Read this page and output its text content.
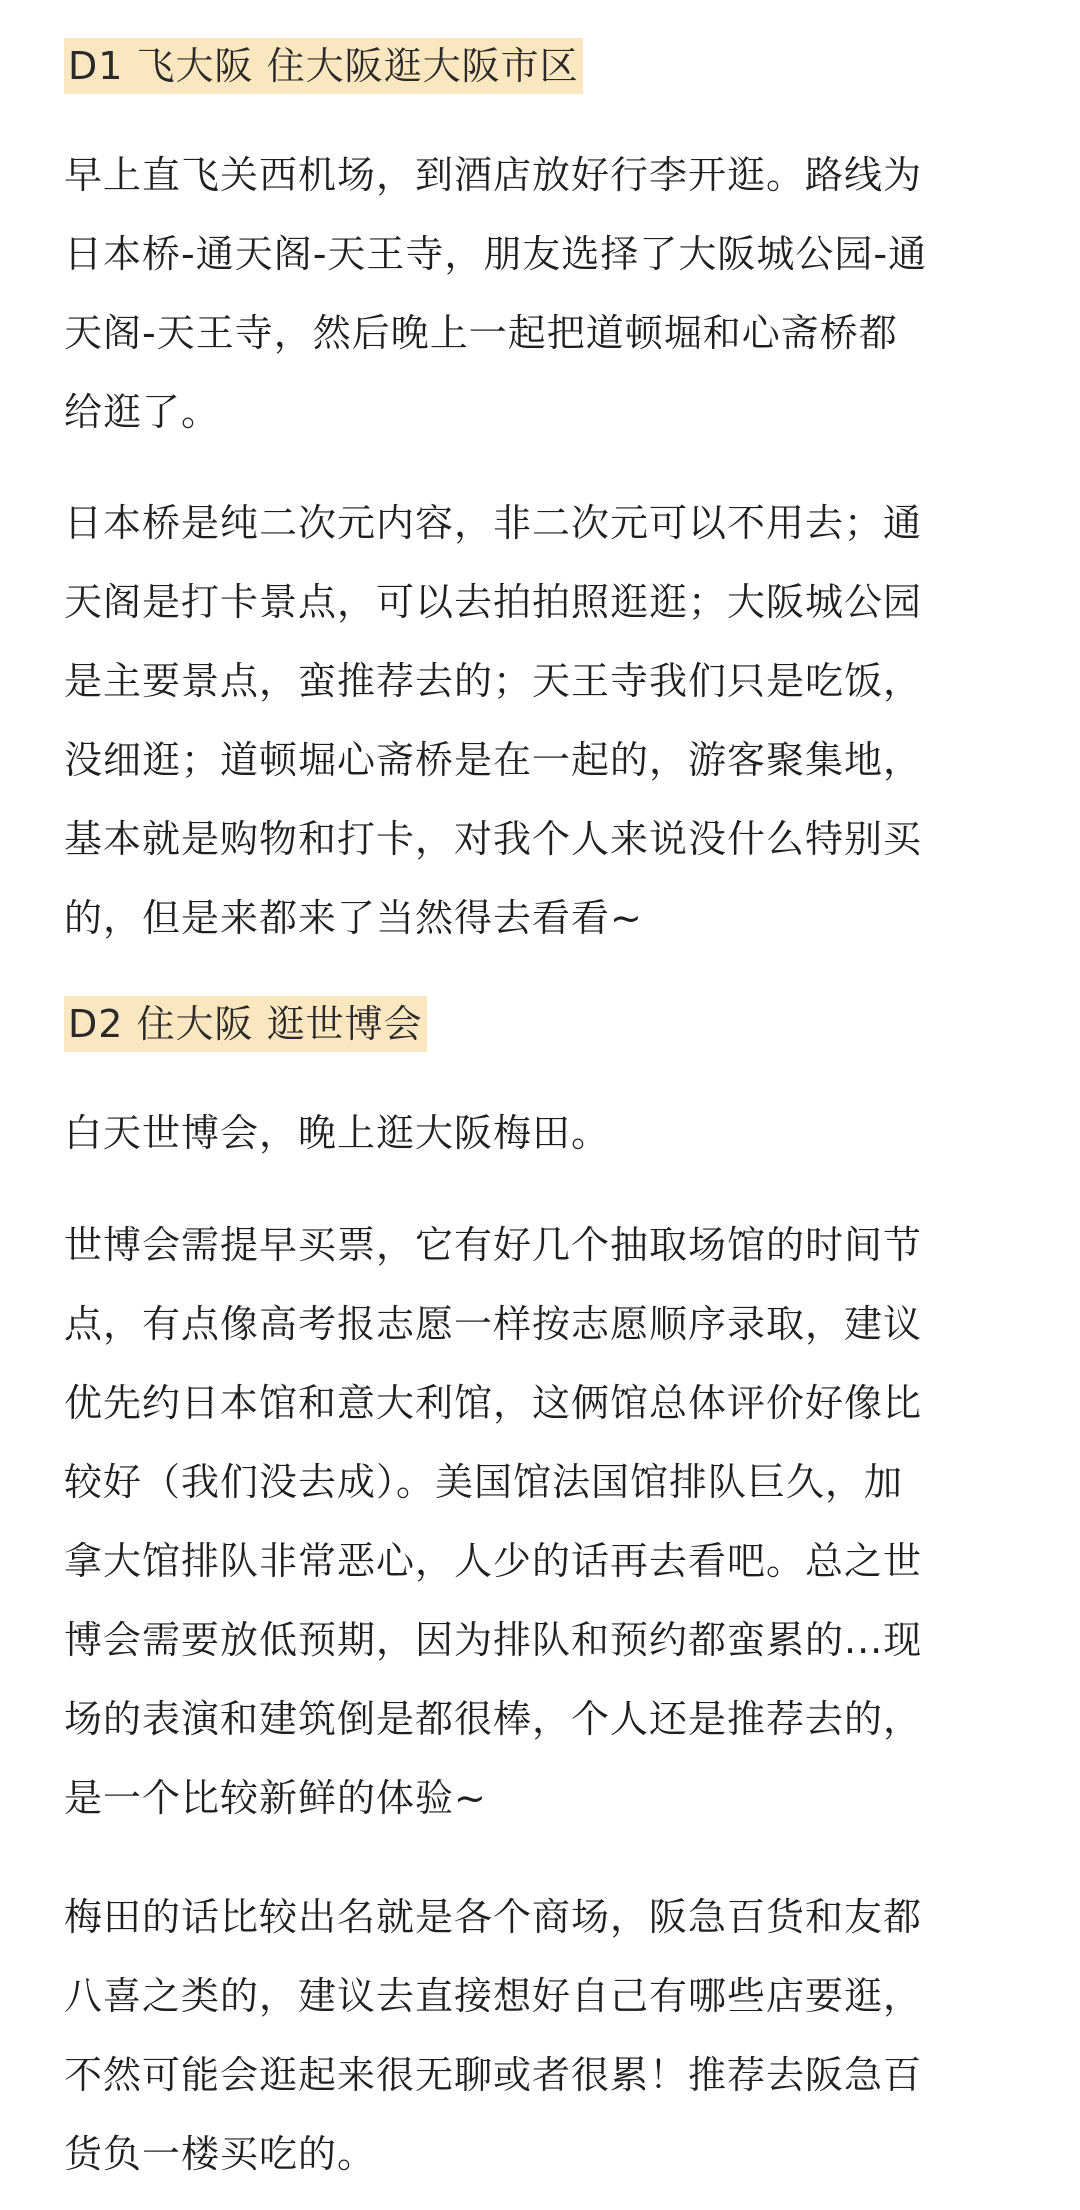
D1 飞大阪 住大阪逛大阪市区

早上直飞关西机场，到酒店放好行李开逛。路线为
日本桥-通天阁-天王寺，朋友选择了大阪城公园-通
天阁-天王寺，然后晚上一起把道顿堀和心斋桥都
给逛了。

日本桥是纯二次元内容，非二次元可以不用去；通
天阁是打卡景点，可以去拍拍照逛逛；大阪城公园
是主要景点，蛮推荐去的；天王寺我们只是吃饭，
没细逛；道顿堀心斋桥是在一起的，游客聚集地，
基本就是购物和打卡，对我个人来说没什么特别买
的，但是来都来了当然得去看看~

D2 住大阪 逛世博会

白天世博会，晚上逛大阪梅田。

世博会需提早买票，它有好几个抽取场馆的时间节
点，有点像高考报志愿一样按志愿顺序录取，建议
优先约日本馆和意大利馆，这俩馆总体评价好像比
较好（我们没去成）。美国馆法国馆排队巨久，加
拿大馆排队非常恶心，人少的话再去看吧。总之世
博会需要放低预期，因为排队和预约都蛮累的...现
场的表演和建筑倒是都很棒，个人还是推荐去的，
是一个比较新鲜的体验~

梅田的话比较出名就是各个商场，阪急百货和友都
八喜之类的，建议去直接想好自己有哪些店要逛，
不然可能会逛起来很无聊或者很累！推荐去阪急百
货负一楼买吃的。
